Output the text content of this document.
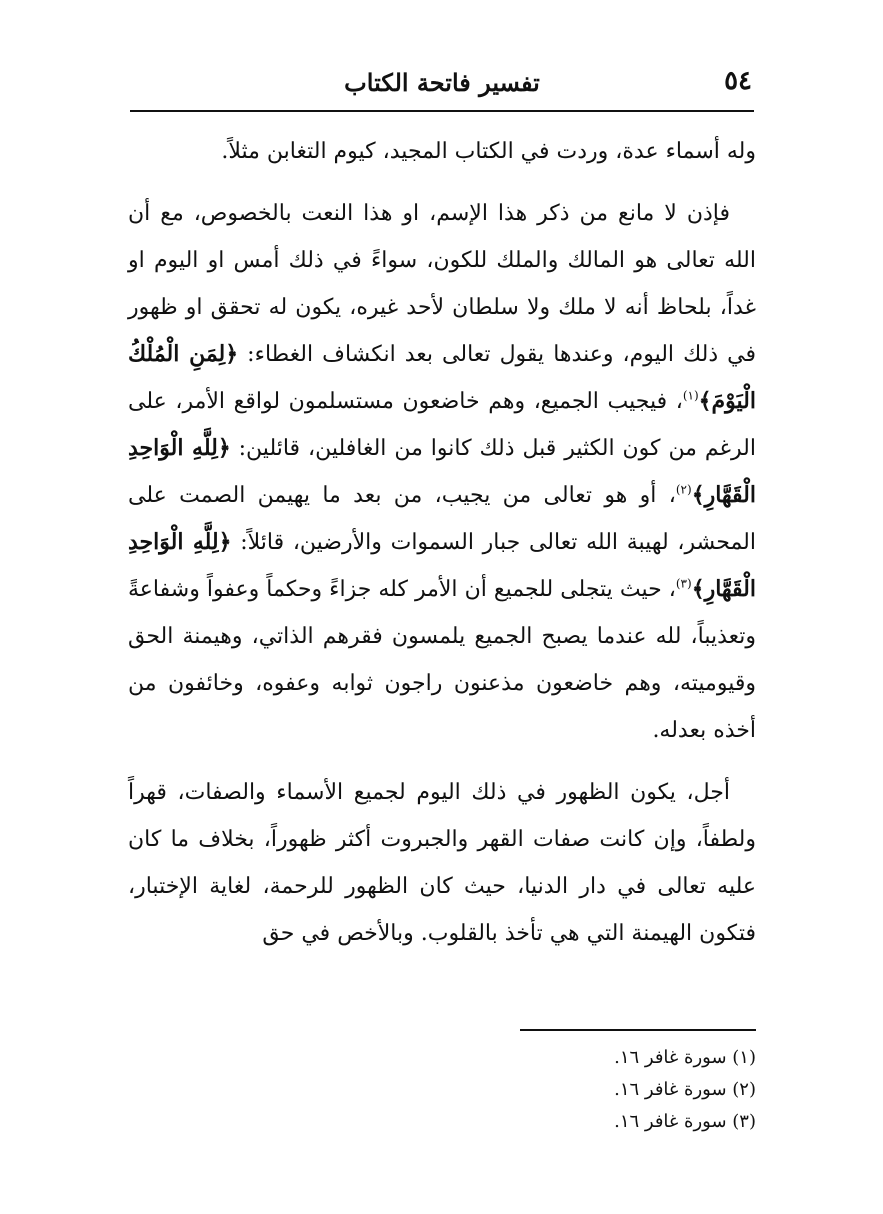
٥٤
تفسير فاتحة الكتاب

وله أسماء عدة، وردت في الكتاب المجيد، كيوم التغابن مثلاً.

فإذن لا مانع من ذكر هذا الإسم، او هذا النعت بالخصوص، مع أن الله تعالى هو المالك والملك للكون، سواءً في ذلك أمس او اليوم او غداً، بلحاظ أنه لا ملك ولا سلطان لأحد غيره، يكون له تحقق او ظهور في ذلك اليوم، وعندها يقول تعالى بعد انكشاف الغطاء: ﴿لِمَنِ الْمُلْكُ الْيَوْمَ﴾$^{(١)}$، فيجيب الجميع، وهم خاضعون مستسلمون لواقع الأمر، على الرغم من كون الكثير قبل ذلك كانوا من الغافلين، قائلين: ﴿لِلَّهِ الْوَاحِدِ الْقَهَّارِ﴾$^{(٢)}$، أو هو تعالى من يجيب، من بعد ما يهيمن الصمت على المحشر، لهيبة الله تعالى جبار السموات والأرضين، قائلاً: ﴿لِلَّهِ الْوَاحِدِ الْقَهَّارِ﴾$^{(٣)}$، حيث يتجلى للجميع أن الأمر كله جزاءً وحكماً وعفواً وشفاعةً وتعذيباً، لله عندما يصبح الجميع يلمسون فقرهم الذاتي، وهيمنة الحق وقيوميته، وهم خاضعون مذعنون راجون ثوابه وعفوه، وخائفون من أخذه بعدله.

أجل، يكون الظهور في ذلك اليوم لجميع الأسماء والصفات، قهراً ولطفاً، وإن كانت صفات القهر والجبروت أكثر ظهوراً، بخلاف ما كان عليه تعالى في دار الدنيا، حيث كان الظهور للرحمة، لغاية الإختبار، فتكون الهيمنة التي هي تأخذ بالقلوب. وبالأخص في حق

(١) سورة غافر ١٦.
(٢) سورة غافر ١٦.
(٣) سورة غافر ١٦.
